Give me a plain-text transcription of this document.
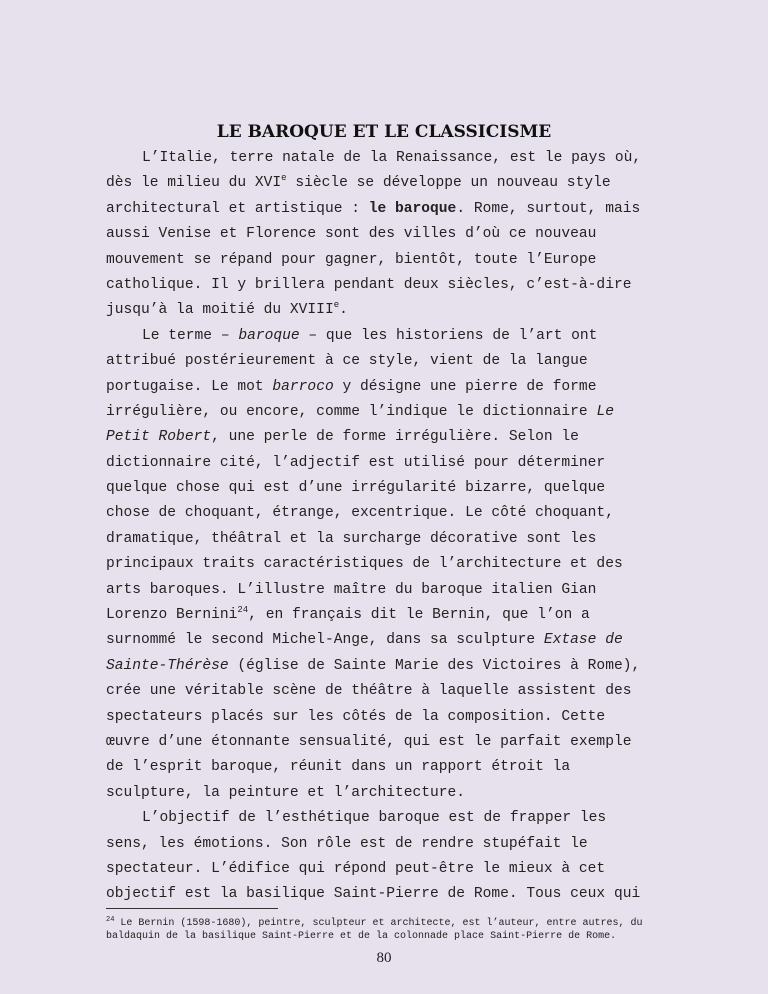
LE BAROQUE ET LE CLASSICISME
L’Italie, terre natale de la Renaissance, est le pays où,
dès le milieu du XVIe siècle se développe un nouveau style
architectural et artistique : le baroque. Rome, surtout, mais
aussi Venise et Florence sont des villes d’où ce nouveau
mouvement se répand pour gagner, bientôt, toute l’Europe
catholique. Il y brillera pendant deux siècles, c’est-à-dire
jusqu’à la moitié du XVIIIe.
Le terme – baroque – que les historiens de l’art ont
attribué postérieurement à ce style, vient de la langue
portugaise. Le mot barroco y désigne une pierre de forme
irrégulière, ou encore, comme l’indique le dictionnaire Le
Petit Robert, une perle de forme irrégulière. Selon le
dictionnaire cité, l’adjectif est utilisé pour déterminer
quelque chose qui est d’une irrégularité bizarre, quelque
chose de choquant, étrange, excentrique. Le côté choquant,
dramatique, théâtral et la surcharge décorative sont les
principaux traits caractéristiques de l’architecture et des
arts baroques. L’illustre maître du baroque italien Gian
Lorenzo Bernini$^{24}$, en français dit le Bernin, que l’on a
surnommé le second Michel-Ange, dans sa sculpture Extase de
Sainte-Thérèse (église de Sainte Marie des Victoires à Rome),
crée une véritable scène de théâtre à laquelle assistent des
spectateurs placés sur les côtés de la composition. Cette
œuvre d’une étonnante sensualité, qui est le parfait exemple
de l’esprit baroque, réunit dans un rapport étroit la
sculpture, la peinture et l’architecture.
L’objectif de l’esthétique baroque est de frapper les
sens, les émotions. Son rôle est de rendre stupéfait le
spectateur. L’édifice qui répond peut-être le mieux à cet
objectif est la basilique Saint-Pierre de Rome. Tous ceux qui
$^{24}$ Le Bernin (1598-1680), peintre, sculpteur et architecte, est l’auteur, entre autres, du
baldaquin de la basilique Saint-Pierre et de la colonnade place Saint-Pierre de Rome.
80
